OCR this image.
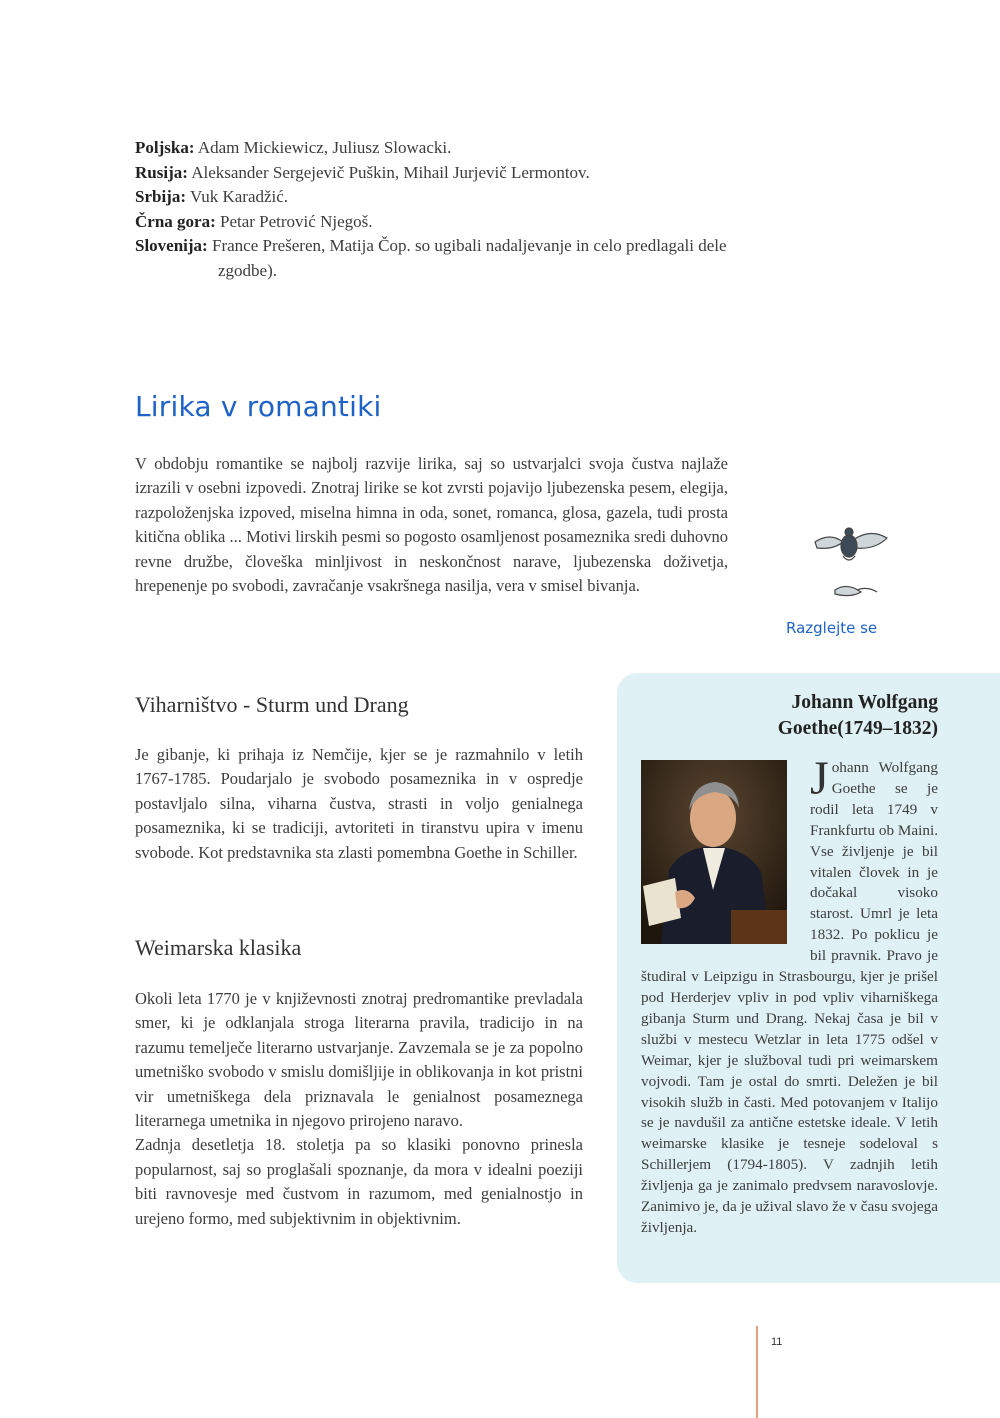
Poljska: Adam Mickiewicz, Juliusz Slowacki.

Rusija: Aleksander Sergejevič Puškin, Mihail Jurjevič Lermontov.

Srbija: Vuk Karadžić.

Črna gora: Petar Petrović Njegoš.

Slovenija: France Prešeren, Matija Čop. so ugibali nadaljevanje in celo predlagali dele zgodbe).

Lirika v romantiki

V obdobju romantike se najbolj razvije lirika, saj so ustvarjalci svoja čustva najlaže izrazili v osebni izpovedi. Znotraj lirike se kot zvrsti pojavijo ljubezenska pesem, elegija, razpoloženjska izpoved, miselna himna in oda, sonet, romanca, glosa, gazela, tudi prosta kitična oblika ... Motivi lirskih pesmi so pogosto osamljenost posameznika sredi duhovno revne družbe, človeška minljivost in neskončnost narave, ljubezenska doživetja, hrepenenje po svobodi, zavračanje vsakršnega nasilja, vera v smisel bivanja.

Razglejte se
Viharništvo - Sturm und Drang

Je gibanje, ki prihaja iz Nemčije, kjer se je razmahnilo v letih 1767-1785. Poudarjalo je svobodo posameznika in v ospredje postavljalo silna, viharna čustva, strasti in voljo genialnega posameznika, ki se tradiciji, avtoriteti in tiranstvu upira v imenu svobode. Kot predstavnika sta zlasti pomembna Goethe in Schiller.

Weimarska klasika
Okoli leta 1770 je v književnosti znotraj predromantike prevladala smer, ki je odklanjala stroga literarna pravila, tradicijo in na razumu temelječe literarno ustvarjanje. Zavzemala se je za popolno umetniško svobodo v smislu domišljije in oblikovanja in kot pristni vir umetniškega dela priznavala le genialnost posameznega literarnega umetnika in njegovo prirojeno naravo.
Zadnja desetletja 18. stoletja pa so klasiki ponovno prinesla popularnost, saj so proglašali spoznanje, da mora v idealni poeziji biti ravnovesje med čustvom in razumom, med genialnostjo in urejeno formo, med subjektivnim in objektivnim.
Johann Wolfgang
Goethe(1749–1832)
J ohann Wolfgang Goethe se je rodil leta 1749 v Frankfurtu ob Maini. Vse življenje je bil vitalen človek in je dočakal visoko starost. Umrl je leta 1832. Po poklicu je bil pravnik. Pravo je študiral v Leipzigu in Strasbourgu, kjer je prišel pod Herderjev vpliv in pod vpliv viharniškega gibanja Sturm und Drang. Nekaj časa je bil v službi v mestecu Wetzlar in leta 1775 odšel v Weimar, kjer je služboval tudi pri weimarskem vojvodi. Tam je ostal do smrti. Deležen je bil visokih služb in časti. Med potovanjem v Italijo se je navdušil za antične estetske ideale. V letih weimarske klasike je tesneje sodeloval s Schillerjem (1794-1805). V zadnjih letih življenja ga je zanimalo predvsem naravoslovje. Zanimivo je, da je užival slavo že v času svojega življenja.
11
